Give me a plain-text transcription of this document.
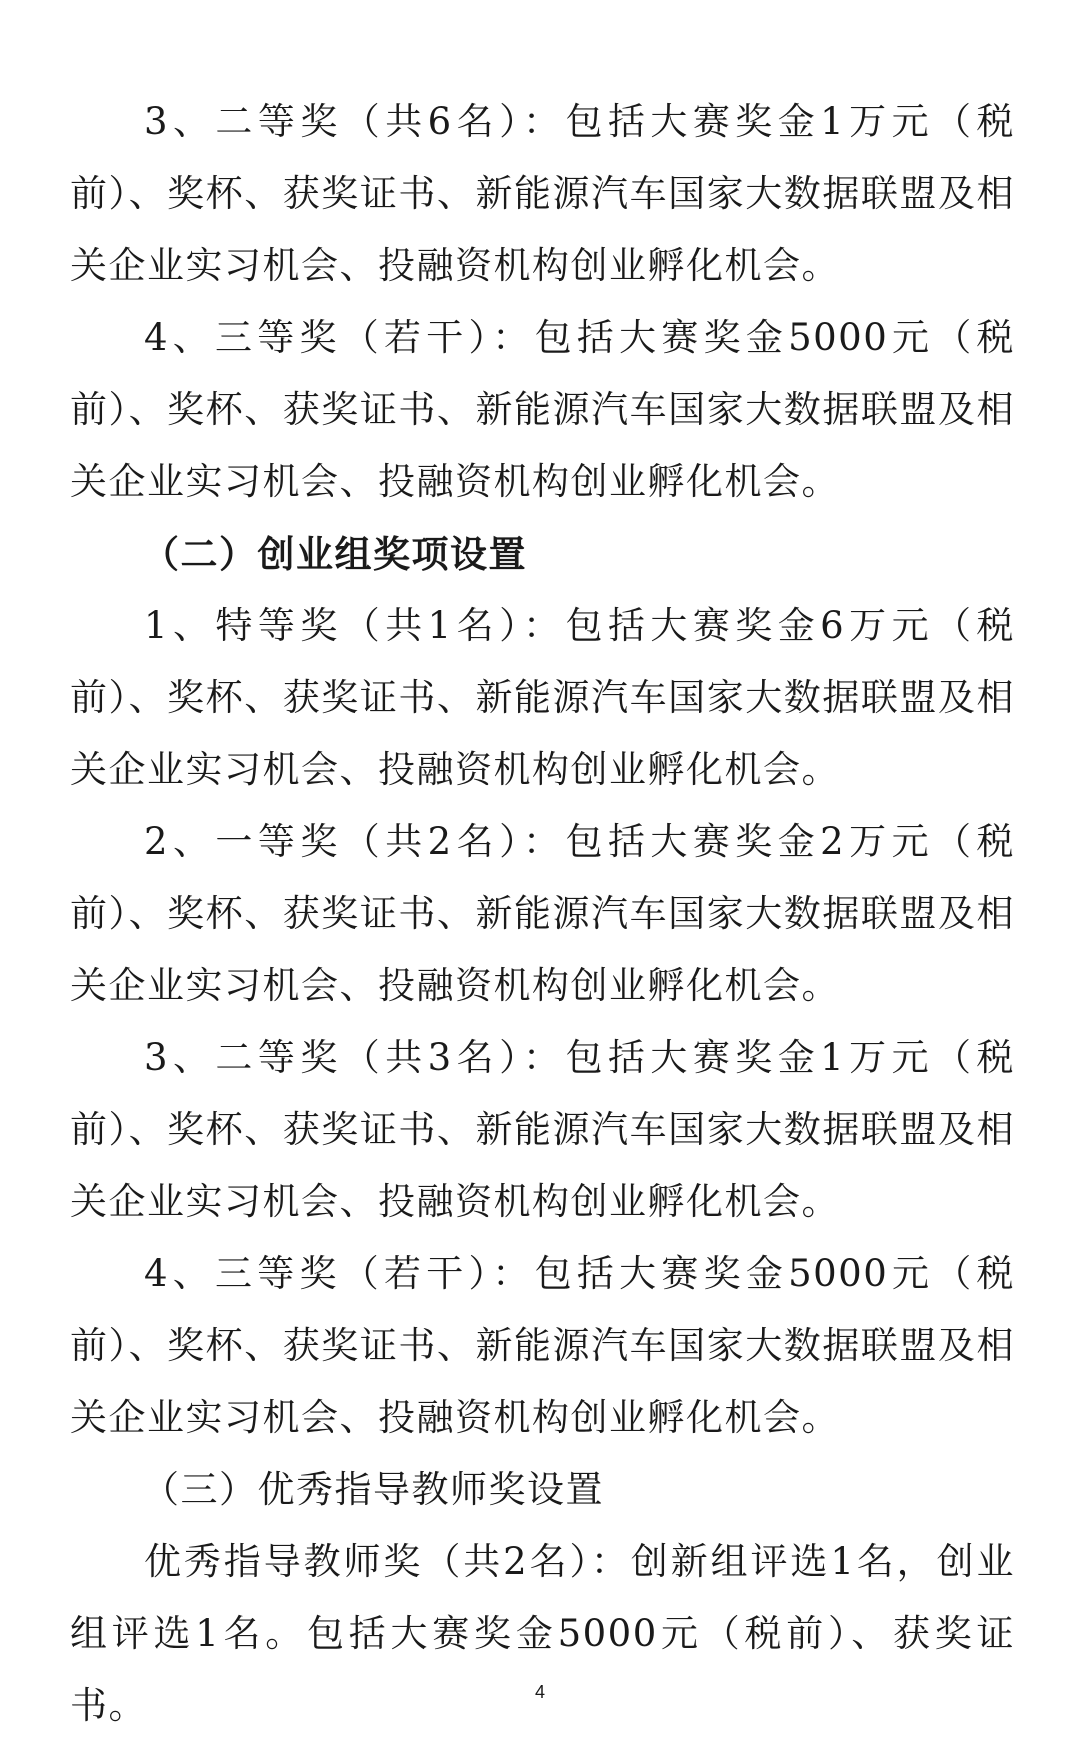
3、二等奖（共6名）：包括大赛奖金1万元（税前）、奖杯、获奖证书、新能源汽车国家大数据联盟及相关企业实习机会、投融资机构创业孵化机会。

4、三等奖（若干）：包括大赛奖金5000元（税前）、奖杯、获奖证书、新能源汽车国家大数据联盟及相关企业实习机会、投融资机构创业孵化机会。

（二）创业组奖项设置

1、特等奖（共1名）：包括大赛奖金6万元（税前）、奖杯、获奖证书、新能源汽车国家大数据联盟及相关企业实习机会、投融资机构创业孵化机会。

2、一等奖（共2名）：包括大赛奖金2万元（税前）、奖杯、获奖证书、新能源汽车国家大数据联盟及相关企业实习机会、投融资机构创业孵化机会。

3、二等奖（共3名）：包括大赛奖金1万元（税前）、奖杯、获奖证书、新能源汽车国家大数据联盟及相关企业实习机会、投融资机构创业孵化机会。

4、三等奖（若干）：包括大赛奖金5000元（税前）、奖杯、获奖证书、新能源汽车国家大数据联盟及相关企业实习机会、投融资机构创业孵化机会。

（三）优秀指导教师奖设置

优秀指导教师奖（共2名）：创新组评选1名，创业组评选1名。包括大赛奖金5000元（税前）、获奖证书。	4
